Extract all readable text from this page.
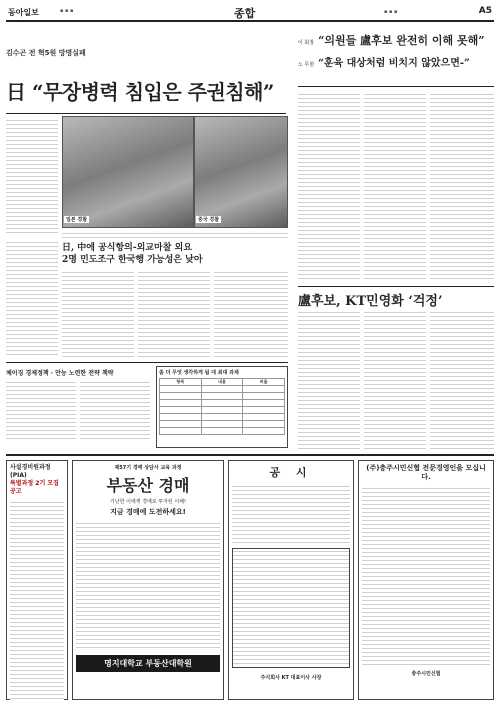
동아일보	▪ ▪ ▪	종합	▪ ▪ ▪	A5
김수곤 전 혁5원 망명실패
日 “무장병력 침입은 주권침해”
일본 경찰	중국 경찰
日, 中에 공식항의-외교마찰 외요
2명 민도조구 한국행 가능성은 낮아
체이징 경제정책 · 만능 노련한 전략 책략	좀 더 무엇 생각하게 됨 대 최대 과제
항목	내용	비율

이 회창 “의원들 盧후보 완전히 이해 못해”
노 무현 “훈육 대상처럼 비치지 않았으면-”
盧후보, KT민영화 ‘걱정’
사설경비원과정(PIA)
특별과정 2기 모집공고
제57기 경매 상담사 교육 과정
부동산 경매
가난한 이에게 경매로 투자된 이해!
지금 경매에 도전하세요!
명지대학교 부동산대학원
공 시
주식회사 KT 대표이사 사장
(주)충주시민신협 전문경영인을 모십니다.
충주시민신협
